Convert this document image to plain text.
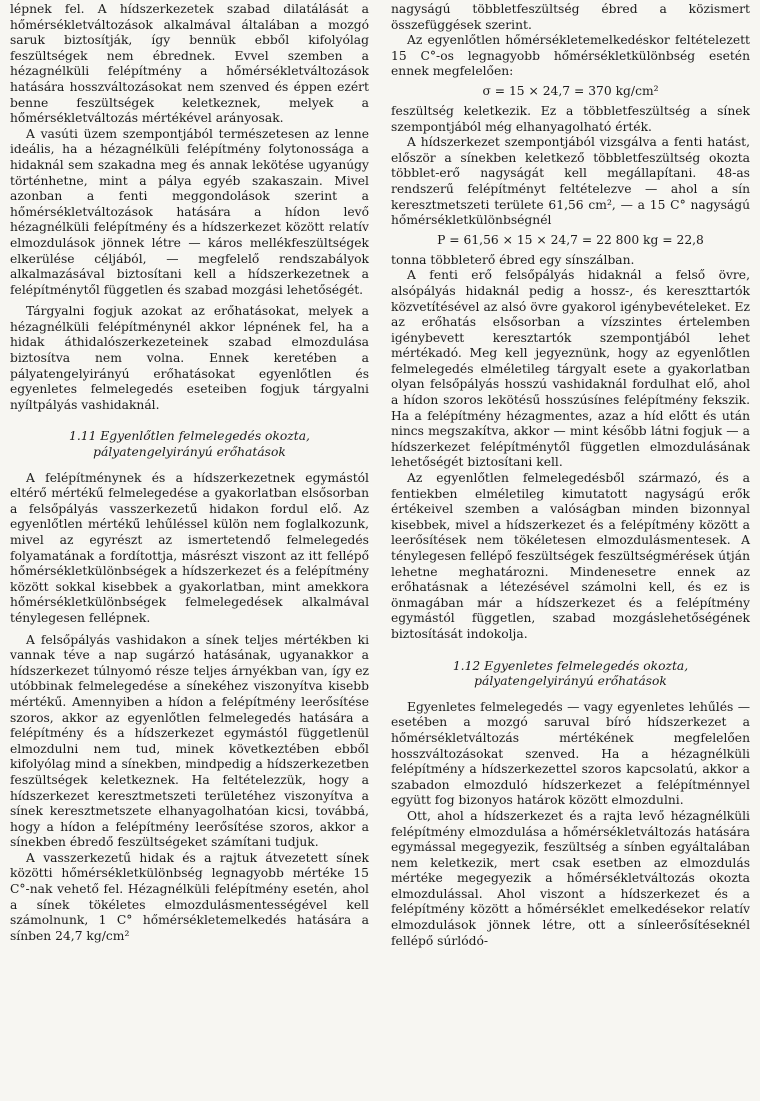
lépnek fel. A hídszerkezetek szabad dilatálását a hőmérsékletváltozások alkalmával általában a mozgó saruk biztosítják, így bennük ebből kifolyólag feszültségek nem ébrednek. Evvel szemben a hézagnélküli felépítmény a hőmérsékletváltozások hatására hosszváltozásokat nem szenved és éppen ezért benne feszültségek keletkeznek, melyek a hőmérsékletváltozás mértékével arányosak.

A vasúti üzem szempontjából természetesen az lenne ideális, ha a hézagnélküli felépítmény folytonossága a hidaknál sem szakadna meg és annak lekötése ugyanúgy történhetne, mint a pálya egyéb szakaszain. Mivel azonban a fenti meggondolások szerint a hőmérsékletváltozások hatására a hídon levő hézagnélküli felépítmény és a hídszerkezet között relatív elmozdulások jönnek létre — káros mellékfeszültségek elkerülése céljából, — megfelelő rendszabályok alkalmazásával biztosítani kell a hídszerkezetnek a felépítménytől független és szabad mozgási lehetőségét.

Tárgyalni fogjuk azokat az erőhatásokat, melyek a hézagnélküli felépítménynél akkor lépnének fel, ha a hidak áthidalószerkezeteinek szabad elmozdulása biztosítva nem volna. Ennek keretében a pályatengelyirányú erőhatásokat egyenlőtlen és egyenletes felmelegedés eseteiben fogjuk tárgyalni nyíltpályás vashidaknál.

1.11 Egyenlőtlen felmelegedés okozta,
pályatengelyirányú erőhatások

A felépítménynek és a hídszerkezetnek egymástól eltérő mértékű felmelegedése a gyakorlatban elsősorban a felsőpályás vasszerkezetű hidakon fordul elő. Az egyenlőtlen mértékű lehűléssel külön nem foglalkozunk, mivel az egyrészt az ismertetendő felmelegedés folyamatának a fordítottja, másrészt viszont az itt fellépő hőmérsékletkülönbségek a hídszerkezet és a felépítmény között sokkal kisebbek a gyakorlatban, mint amekkora hőmérsékletkülönbségek felmelegedések alkalmával ténylegesen fellépnek.

A felsőpályás vashidakon a sínek teljes mértékben ki vannak téve a nap sugárzó hatásának, ugyanakkor a hídszerkezet túlnyomó része teljes árnyékban van, így ez utóbbinak felmelegedése a sínekéhez viszonyítva kisebb mértékű. Amennyiben a hídon a felépítmény leerősítése szoros, akkor az egyenlőtlen felmelegedés hatására a felépítmény és a hídszerkezet egymástól függetlenül elmozdulni nem tud, minek következtében ebből kifolyólag mind a sínekben, mindpedig a hídszerkezetben feszültségek keletkeznek. Ha feltételezzük, hogy a hídszerkezet keresztmetszeti területéhez viszonyítva a sínek keresztmetszete elhanyagolhatóan kicsi, továbbá, hogy a hídon a felépítmény leerősítése szoros, akkor a sínekben ébredő feszültségeket számítani tudjuk.

A vasszerkezetű hidak és a rajtuk átvezetett sínek közötti hőmérsékletkülönbség legnagyobb mértéke 15 C°-nak vehető fel. Hézagnélküli felépítmény esetén, ahol a sínek tökéletes elmozdulásmentességével kell számolnunk, 1 C° hőmérsékletemelkedés hatására a sínben 24,7 kg/cm²

nagyságú többletfeszültség ébred a közismert összefüggések szerint.

Az egyenlőtlen hőmérsékletemelkedéskor feltételezett 15 C°-os legnagyobb hőmérsékletkülönbség esetén ennek megfelelően:

σ = 15 × 24,7 = 370 kg/cm²

feszültség keletkezik. Ez a többletfeszültség a sínek szempontjából még elhanyagolható érték.

A hídszerkezet szempontjából vizsgálva a fenti hatást, először a sínekben keletkező többletfeszültség okozta többlet-erő nagyságát kell megállapítani. 48-as rendszerű felépítményt feltételezve — ahol a sín keresztmetszeti területe 61,56 cm², — a 15 C° nagyságú hőmérsékletkülönbségnél

P = 61,56 × 15 × 24,7 = 22 800 kg = 22,8

tonna többleterő ébred egy sínszálban.

A fenti erő felsőpályás hidaknál a felső övre, alsópályás hidaknál pedig a hossz-, és kereszttartók közvetítésével az alsó övre gyakorol igénybevételeket. Ez az erőhatás elsősorban a vízszintes értelemben igénybevett keresztartók szempontjából lehet mértékadó. Meg kell jegyeznünk, hogy az egyenlőtlen felmelegedés elméletileg tárgyalt esete a gyakorlatban olyan felsőpályás hosszú vashidaknál fordulhat elő, ahol a hídon szoros lekötésű hosszúsínes felépítmény fekszik. Ha a felépítmény hézagmentes, azaz a híd előtt és után nincs megszakítva, akkor — mint később látni fogjuk — a hídszerkezet felépítménytől független elmozdulásának lehetőségét biztosítani kell.

Az egyenlőtlen felmelegedésből származó, és a fentiekben elméletileg kimutatott nagyságú erők értékeivel szemben a valóságban minden bizonnyal kisebbek, mivel a hídszerkezet és a felépítmény között a leerősítések nem tökéletesen elmozdulásmentesek. A ténylegesen fellépő feszültségek feszültségmérések útján lehetne meghatározni. Mindenesetre ennek az erőhatásnak a létezésével számolni kell, és ez is önmagában már a hídszerkezet és a felépítmény egymástól független, szabad mozgáslehetőségének biztosítását indokolja.

1.12 Egyenletes felmelegedés okozta,
pályatengelyirányú erőhatások

Egyenletes felmelegedés — vagy egyenletes lehűlés — esetében a mozgó saruval bíró hídszerkezet a hőmérsékletváltozás mértékének megfelelően hosszváltozásokat szenved. Ha a hézagnélküli felépítmény a hídszerkezettel szoros kapcsolatú, akkor a szabadon elmozduló hídszerkezet a felépítménnyel együtt fog bizonyos határok között elmozdulni.

Ott, ahol a hídszerkezet és a rajta levő hézagnélküli felépítmény elmozdulása a hőmérsékletváltozás hatására egymással megegyezik, feszültség a sínben egyáltalában nem keletkezik, mert csak esetben az elmozdulás mértéke megegyezik a hőmérsékletváltozás okozta elmozdulással. Ahol viszont a hídszerkezet és a felépítmény között a hőmérséklet emelkedésekor relatív elmozdulások jönnek létre, ott a sínleerősítéseknél fellépő súrlódó-
